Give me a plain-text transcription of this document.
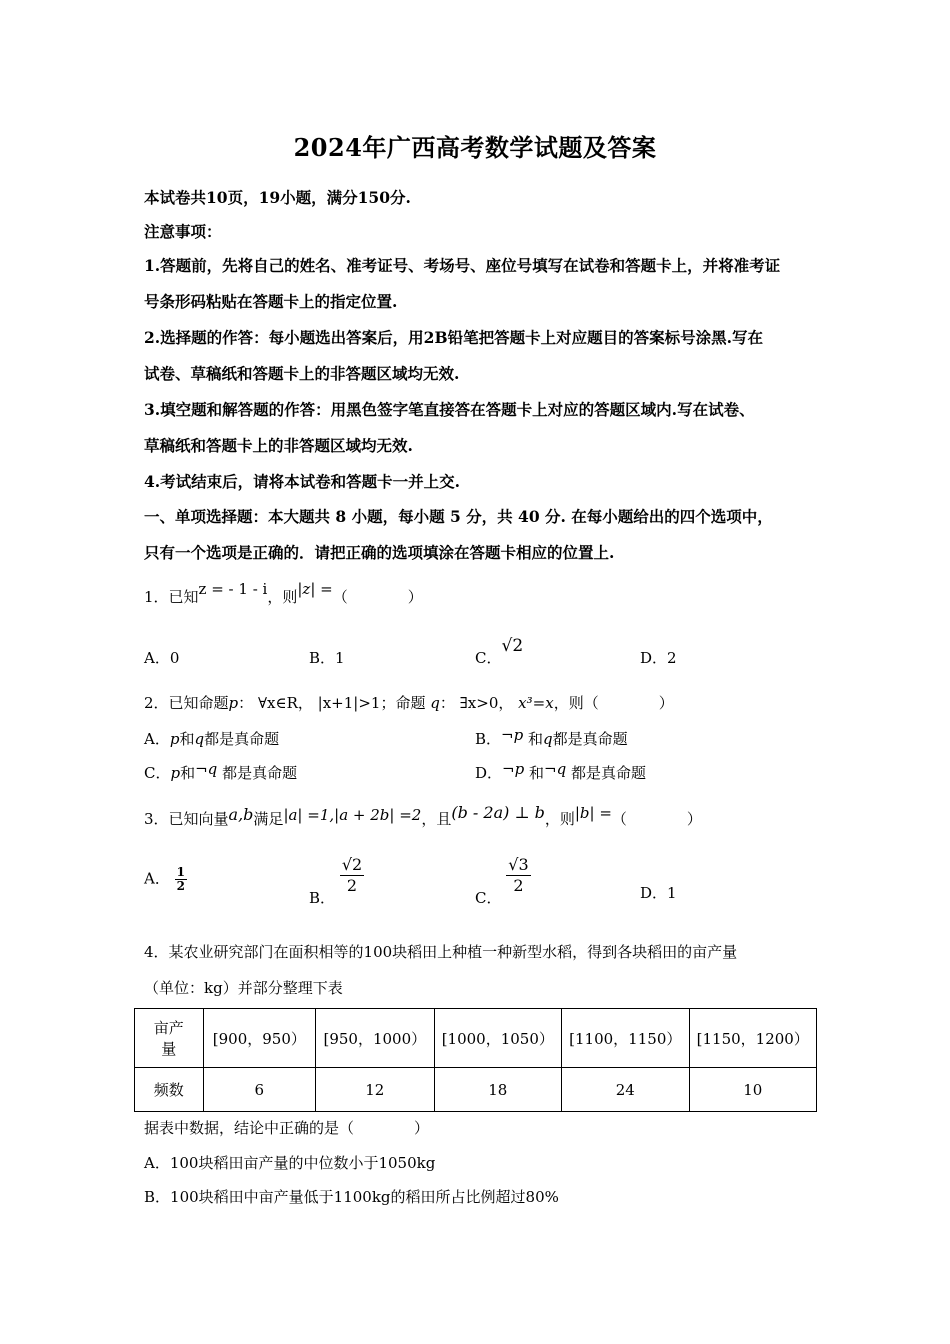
2024年广西高考数学试题及答案
本试卷共10页，19小题，满分150分.
注意事项：
1.答题前，先将自己的姓名、准考证号、考场号、座位号填写在试卷和答题卡上，并将准考证
号条形码粘贴在答题卡上的指定位置.
2.选择题的作答：每小题选出答案后，用2B铅笔把答题卡上对应题目的答案标号涂黑.写在
试卷、草稿纸和答题卡上的非答题区域均无效.
3.填空题和解答题的作答：用黑色签字笔直接答在答题卡上对应的答题区域内.写在试卷、
草稿纸和答题卡上的非答题区域均无效.
4.考试结束后，请将本试卷和答题卡一并上交.
一、单项选择题：本大题共 8 小题，每小题 5 分，共 40 分. 在每小题给出的四个选项中，
只有一个选项是正确的．请把正确的选项填涂在答题卡相应的位置上.
1．已知z = - 1 - i，则|z| =（　　　　）
A．0	B．1	C．√2
D．2
2．已知命题p： ∀x∈R， |x+1|>1；命题 q： ∃x>0， x³=x，则（　　　　）
A．p和q都是真命题	B．¬p 和q都是真命题
C．p和¬q 都是真命题	D．¬p 和¬q 都是真命题
3．已知向量a,b满足|a| =1,|a + 2b| =2，且(b - 2a) ⊥ b，则|b| =（　　　　）
A． $\frac{1}{2}$
B．
$\frac{√2}{2}$
C．
$\frac{√3}{2}$	D．1
4．某农业研究部门在面积相等的100块稻田上种植一种新型水稻，得到各块稻田的亩产量
（单位：kg）并部分整理下表
亩产
量	[900，950）	[950，1000）	[1000，1050）	[1100，1150）	[1150，1200）
频数	6	12	18	24	10
据表中数据，结论中正确的是（　　　　）
A．100块稻田亩产量的中位数小于1050kg
B．100块稻田中亩产量低于1100kg的稻田所占比例超过80%
